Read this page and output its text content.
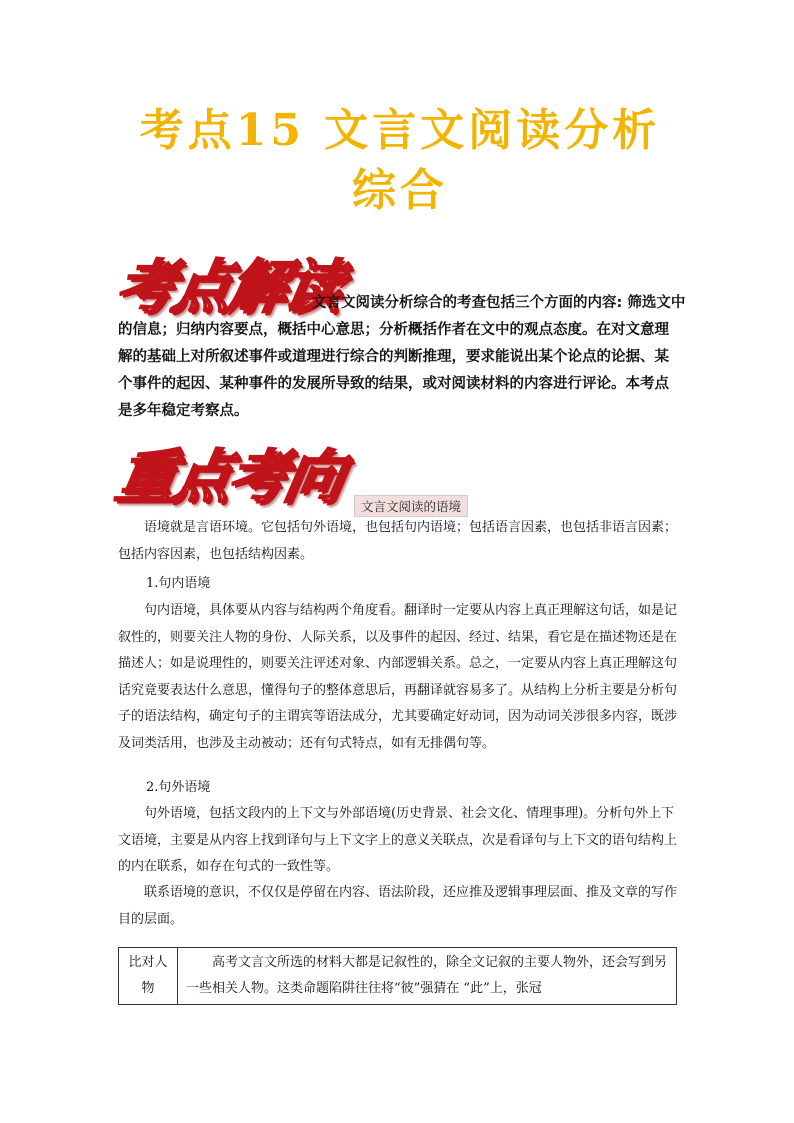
考点15 文言文阅读分析
综合
考点解读
文言文阅读分析综合的考查包括三个方面的内容: 筛选文中
的信息；归纳内容要点，概括中心意思；分析概括作者在文中的观点态度。在对文意理解的基础上对所叙述事件或道理进行综合的判断推理，要求能说出某个论点的论据、某个事件的起因、某种事件的发展所导致的结果，或对阅读材料的内容进行评论。本考点是多年稳定考察点。
重点考向	文言文阅读的语境
语境就是言语环境。它包括句外语境，也包括句内语境；包括语言因素，也包括非语言因素；包括内容因素，也包括结构因素。
1.句内语境
句内语境，具体要从内容与结构两个角度看。翻译时一定要从内容上真正理解这句话，如是记叙性的，则要关注人物的身份、人际关系，以及事件的起因、经过、结果，看它是在描述物还是在描述人；如是说理性的，则要关注评述对象、内部逻辑关系。总之，一定要从内容上真正理解这句话究竟要表达什么意思，懂得句子的整体意思后，再翻译就容易多了。从结构上分析主要是分析句子的语法结构，确定句子的主谓宾等语法成分，尤其要确定好动词，因为动词关涉很多内容，既涉及词类活用，也涉及主动被动；还有句式特点，如有无排偶句等。
2.句外语境
句外语境，包括文段内的上下文与外部语境(历史背景、社会文化、情理事理)。分析句外上下文语境，主要是从内容上找到译句与上下文字上的意义关联点，次是看译句与上下文的语句结构上的内在联系，如存在句式的一致性等。
联系语境的意识，不仅仅是停留在内容、语法阶段，还应推及逻辑事理层面、推及文章的写作目的层面。
比对人物	高考文言文所选的材料大都是记叙性的，除全文记叙的主要人物外，还会写到另一些相关人物。这类命题陷阱往往将“彼”强猜在 “此”上，张冠
